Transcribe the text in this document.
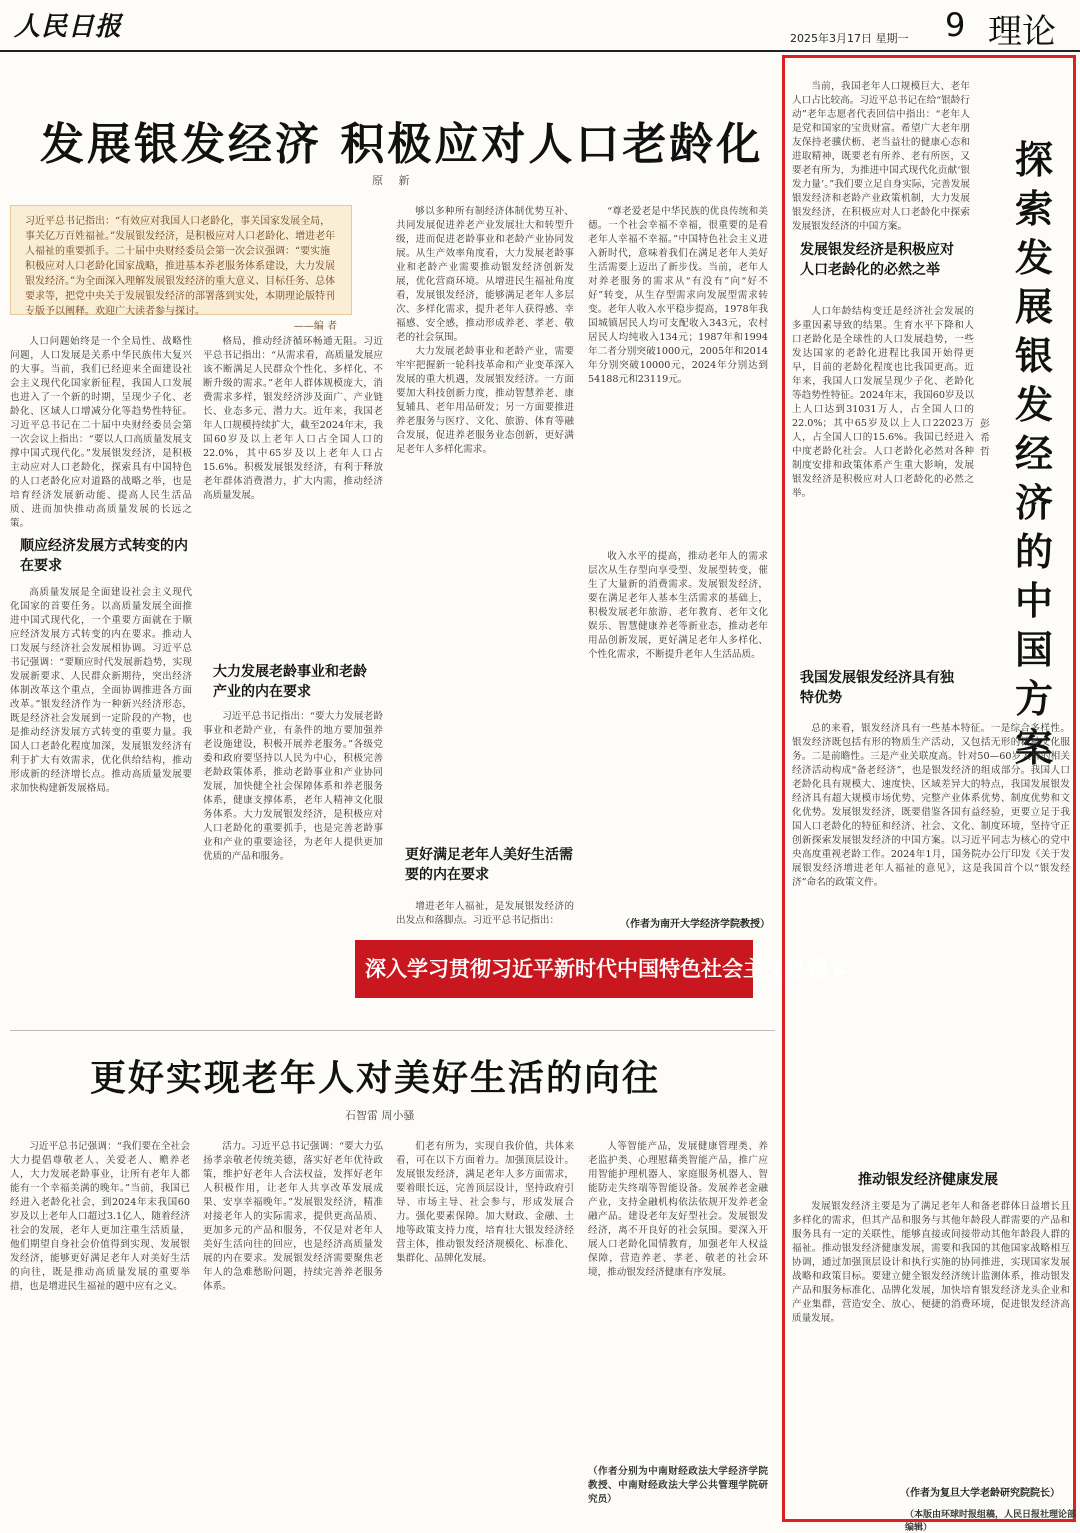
人民日报	2025年3月17日 星期一 9 理论
发展银发经济 积极应对人口老龄化
原 新
习近平总书记指出：“有效应对我国人口老龄化，事关国家发展全局，事关亿万百姓福祉。”发展银发经济，是积极应对人口老龄化、增进老年人福祉的重要抓手。二十届中央财经委员会第一次会议强调：“要实施积极应对人口老龄化国家战略，推进基本养老服务体系建设，大力发展银发经济。”为全面深入理解发展银发经济的重大意义、目标任务、总体要求等，把党中央关于发展银发经济的部署落到实处，本期理论版特刊专版予以阐释。欢迎广大读者参与探讨。
——编 者

人口问题始终是一个全局性、战略性问题，人口发展是关系中华民族伟大复兴的大事。当前，我们已经迎来全面建设社会主义现代化国家新征程，我国人口发展也进入了一个新的时期，呈现少子化、老龄化、区域人口增减分化等趋势性特征。习近平总书记在二十届中央财经委员会第一次会议上指出：“要以人口高质量发展支撑中国式现代化。”发展银发经济，是积极主动应对人口老龄化，探索具有中国特色的人口老龄化应对道路的战略之举，也是培育经济发展新动能、提高人民生活品质、进而加快推动高质量发展的长远之策。

顺应经济发展方式转变的内在要求

高质量发展是全面建设社会主义现代化国家的首要任务。以高质量发展全面推进中国式现代化，一个重要方面就在于顺应经济发展方式转变的内在要求。推动人口发展与经济社会发展相协调。习近平总书记强调：“要顺应时代发展新趋势，实现发展新要求、人民群众新期待，突出经济体制改革这个重点，全面协调推进各方面改革。”银发经济作为一种新兴经济形态，既是经济社会发展到一定阶段的产物，也是推动经济发展方式转变的重要力量。我国人口老龄化程度加深，发展银发经济有利于扩大有效需求，优化供给结构，推动形成新的经济增长点。推动高质量发展要求加快构建新发展格局。

格局，推动经济循环畅通无阻。习近平总书记指出：“从需求看，高质量发展应该不断满足人民群众个性化、多样化、不断升级的需求。”老年人群体规模庞大，消费需求多样，银发经济涉及面广、产业链长、业态多元、潜力大。近年来，我国老年人口规模持续扩大，截至2024年末，我国60岁及以上老年人口占全国人口的22.0%，其中65岁及以上老年人口占15.6%。积极发展银发经济，有利于释放老年群体消费潜力，扩大内需，推动经济高质量发展。

大力发展老龄事业和老龄产业的内在要求

习近平总书记指出：“要大力发展老龄事业和老龄产业，有条件的地方要加强养老设施建设，积极开展养老服务。”各级党委和政府要坚持以人民为中心，积极完善老龄政策体系，推动老龄事业和产业协同发展，加快健全社会保障体系和养老服务体系，健康支撑体系，老年人精神文化服务体系。大力发展银发经济，是积极应对人口老龄化的重要抓手，也是完善老龄事业和产业的重要途径，为老年人提供更加优质的产品和服务。

够以多种所有制经济体制优势互补、共同发展促进养老产业发展壮大和转型升级，进而促进老龄事业和老龄产业协同发展。从生产效率角度看，大力发展老龄事业和老龄产业需要推动银发经济创新发展，优化营商环境。从增进民生福祉角度看，发展银发经济，能够满足老年人多层次、多样化需求，提升老年人获得感、幸福感、安全感，推动形成养老、孝老、敬老的社会氛围。

大力发展老龄事业和老龄产业，需要牢牢把握新一轮科技革命和产业变革深入发展的重大机遇，发展银发经济。一方面要加大科技创新力度，推动智慧养老、康复辅具、老年用品研发；另一方面要推进养老服务与医疗、文化、旅游、体育等融合发展，促进养老服务业态创新，更好满足老年人多样化需求。

更好满足老年人美好生活需要的内在要求

增进老年人福祉，是发展银发经济的出发点和落脚点。习近平总书记指出：

“尊老爱老是中华民族的优良传统和美德。一个社会幸福不幸福，很重要的是看老年人幸福不幸福。”中国特色社会主义进入新时代，意味着我们在满足老年人美好生活需要上迈出了新步伐。当前，老年人对养老服务的需求从“有没有”向“好不好”转变，从生存型需求向发展型需求转变。老年人收入水平稳步提高，1978年我国城镇居民人均可支配收入343元，农村居民人均纯收入134元；1987年和1994年二者分别突破1000元，2005年和2014年分别突破10000元，2024年分别达到54188元和23119元。

收入水平的提高，推动老年人的需求层次从生存型向享受型、发展型转变，催生了大量新的消费需求。发展银发经济，要在满足老年人基本生活需求的基础上，积极发展老年旅游、老年教育、老年文化娱乐、智慧健康养老等新业态，推动老年用品创新发展，更好满足老年人多样化、个性化需求，不断提升老年人生活品质。

（作者为南开大学经济学院教授）
深入学习贯彻习近平新时代中国特色社会主义思想 ▶
更好实现老年人对美好生活的向往
石智雷 周小骚

习近平总书记强调：“我们要在全社会大力提倡尊敬老人、关爱老人、赡养老人，大力发展老龄事业，让所有老年人都能有一个幸福美满的晚年。”当前，我国已经进入老龄化社会，到2024年末我国60岁及以上老年人口超过3.1亿人，随着经济社会的发展，老年人更加注重生活质量，他们期望自身社会价值得到实现、发展银发经济，能够更好满足老年人对美好生活的向往，既是推动高质量发展的重要举措，也是增进民生福祉的题中应有之义。

活力。习近平总书记强调：“要大力弘扬孝亲敬老传统美德，落实好老年优待政策，维护好老年人合法权益，发挥好老年人积极作用，让老年人共享改革发展成果、安享幸福晚年。”发展银发经济，精准对接老年人的实际需求，提供更高品质、更加多元的产品和服务，不仅是对老年人美好生活向往的回应，也是经济高质量发展的内在要求。发展银发经济需要聚焦老年人的急难愁盼问题，持续完善养老服务体系。

们老有所为，实现自我价值，共体来看，可在以下方面着力。加强顶层设计。发展银发经济，满足老年人多方面需求，要着眼长远，完善顶层设计，坚持政府引导、市场主导、社会参与，形成发展合力。强化要素保障。加大财政、金融、土地等政策支持力度，培育壮大银发经济经营主体，推动银发经济规模化、标准化、集群化、品牌化发展。

人等智能产品，发展健康管理类、养老监护类、心理慰藉类智能产品，推广应用智能护理机器人、家庭服务机器人、智能防走失终端等智能设备。发展养老金融产业，支持金融机构依法依规开发养老金融产品。建设老年友好型社会。发展银发经济，离不开良好的社会氛围。要深入开展人口老龄化国情教育，加强老年人权益保障，营造养老、孝老、敬老的社会环境，推动银发经济健康有序发展。

（作者分别为中南财经政法大学经济学院教授、中南财经政法大学公共管理学院研究员）
探索发展银发经济的中国方案
彭希哲

当前，我国老年人口规模巨大、老年人口占比较高。习近平总书记在给“银龄行动”老年志愿者代表回信中指出：“老年人是党和国家的宝贵财富。希望广大老年朋友保持老骥伏枥、老当益壮的健康心态和进取精神，既要老有所养、老有所医，又要老有所为，为推进中国式现代化贡献‘银发力量’。”我们要立足自身实际，完善发展银发经济和老龄产业政策机制，大力发展银发经济，在积极应对人口老龄化中探索发展银发经济的中国方案。

发展银发经济是积极应对人口老龄化的必然之举

人口年龄结构变迁是经济社会发展的多重因素导致的结果。生育水平下降和人口老龄化是全球性的人口发展趋势，一些发达国家的老龄化进程比我国开始得更早，目前的老龄化程度也比我国更高。近年来，我国人口发展呈现少子化、老龄化等趋势性特征。2024年末，我国60岁及以上人口达到31031万人，占全国人口的22.0%；其中65岁及以上人口22023万人，占全国人口的15.6%。我国已经进入中度老龄化社会。人口老龄化必然对各种制度安排和政策体系产生重大影响，发展银发经济是积极应对人口老龄化的必然之举。

我国发展银发经济具有独特优势

总的来看，银发经济具有一些基本特征。一是综合多样性。银发经济既包括有形的物质生产活动，又包括无形的精神文化服务。二是前瞻性。三是产业关联度高。针对50—60岁人群的相关经济活动构成“备老经济”，也是银发经济的组成部分。我国人口老龄化具有规模大、速度快、区域差异大的特点，我国发展银发经济具有超大规模市场优势、完整产业体系优势、制度优势和文化优势。发展银发经济，既要借鉴各国有益经验，更要立足于我国人口老龄化的特征和经济、社会、文化、制度环境，坚持守正创新探索发展银发经济的中国方案。以习近平同志为核心的党中央高度重视老龄工作。2024年1月，国务院办公厅印发《关于发展银发经济增进老年人福祉的意见》，这是我国首个以“银发经济”命名的政策文件。

推动银发经济健康发展

发展银发经济主要是为了满足老年人和备老群体日益增长且多样化的需求，但其产品和服务与其他年龄段人群需要的产品和服务具有一定的关联性，能够直接或间接带动其他年龄段人群的福祉。推动银发经济健康发展，需要和我国的其他国家战略相互协调，通过加强顶层设计和执行实施的协同推进，实现国家发展战略和政策目标。要建立健全银发经济统计监测体系，推动银发产品和服务标准化、品牌化发展，加快培育银发经济龙头企业和产业集群，营造安全、放心、便捷的消费环境，促进银发经济高质量发展。

（作者为复旦大学老龄研究院院长）
（本版由环球时报组稿，人民日报社理论部编辑）
